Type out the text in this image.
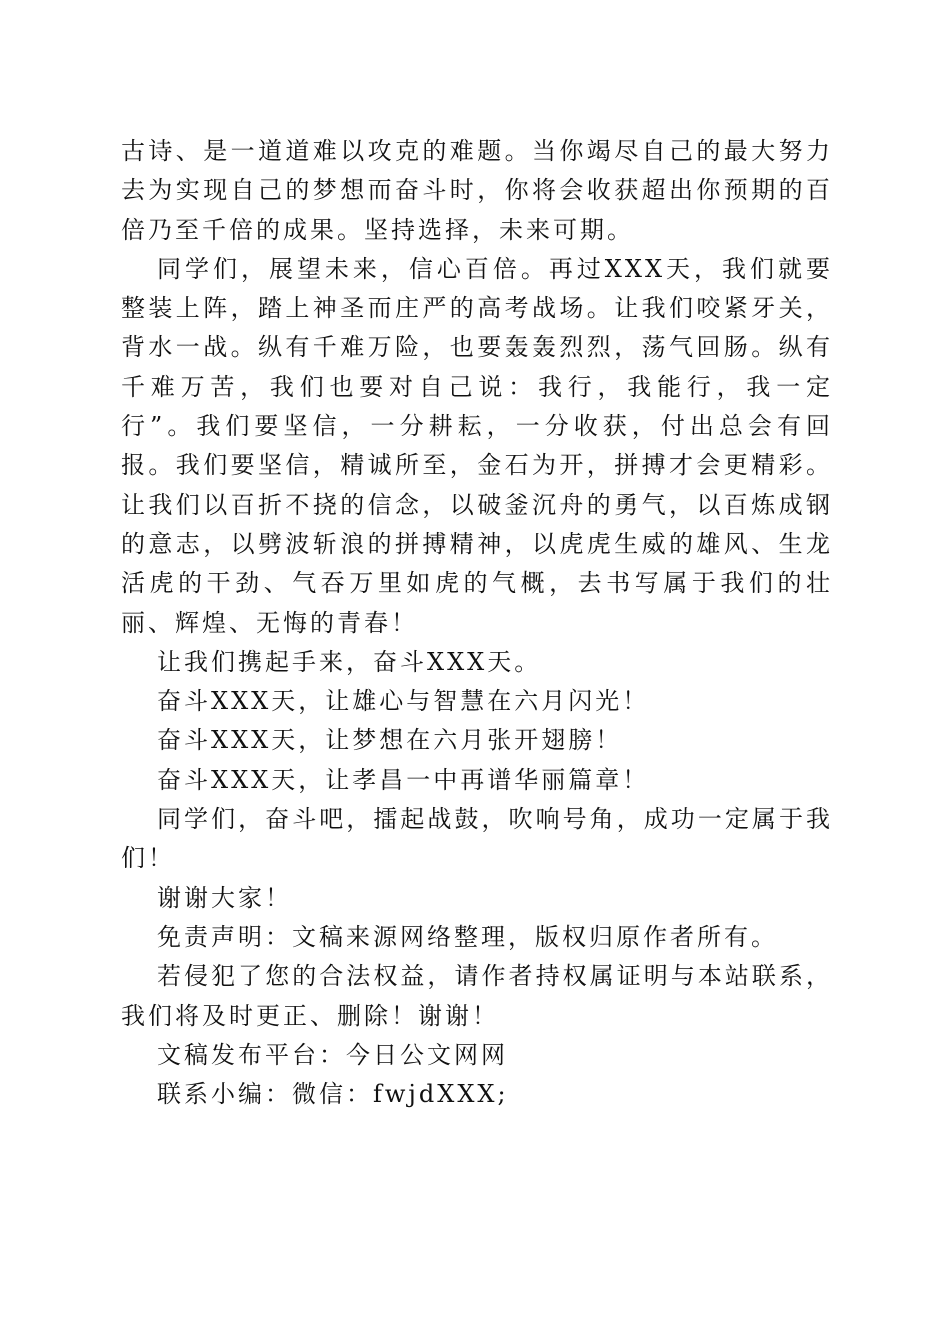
古诗、是一道道难以攻克的难题。当你竭尽自己的最大努力去为实现自己的梦想而奋斗时，你将会收获超出你预期的百倍乃至千倍的成果。坚持选择，未来可期。

同学们，展望未来，信心百倍。再过XXX天，我们就要整装上阵，踏上神圣而庄严的高考战场。让我们咬紧牙关，背水一战。纵有千难万险，也要轰轰烈烈，荡气回肠。纵有千难万苦，我们也要对自己说：我行，我能行，我一定行”。我们要坚信，一分耕耘，一分收获，付出总会有回报。我们要坚信，精诚所至，金石为开，拼搏才会更精彩。让我们以百折不挠的信念，以破釜沉舟的勇气，以百炼成钢的意志，以劈波斩浪的拼搏精神，以虎虎生威的雄风、生龙活虎的干劲、气吞万里如虎的气概，去书写属于我们的壮丽、辉煌、无悔的青春！

让我们携起手来，奋斗XXX天。

奋斗XXX天，让雄心与智慧在六月闪光！

奋斗XXX天，让梦想在六月张开翅膀！

奋斗XXX天，让孝昌一中再谱华丽篇章！

同学们，奋斗吧，擂起战鼓，吹响号角，成功一定属于我们！

谢谢大家！

免责声明：文稿来源网络整理，版权归原作者所有。

若侵犯了您的合法权益，请作者持权属证明与本站联系，我们将及时更正、删除！谢谢！

文稿发布平台：今日公文网网

联系小编：微信：fwjdXXX;
